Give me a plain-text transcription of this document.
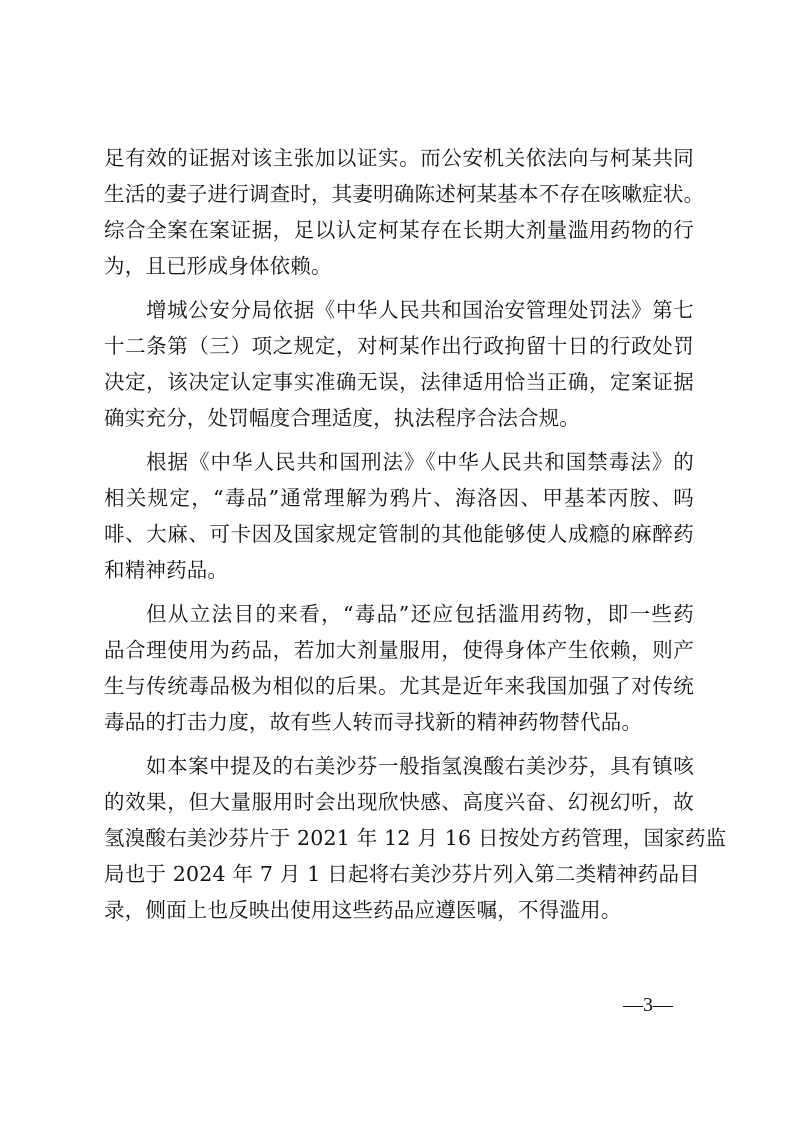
足有效的证据对该主张加以证实。而公安机关依法向与柯某共同
生活的妻子进行调查时，其妻明确陈述柯某基本不存在咳嗽症状。
综合全案在案证据，足以认定柯某存在长期大剂量滥用药物的行
为，且已形成身体依赖。
增城公安分局依据《中华人民共和国治安管理处罚法》第七
十二条第（三）项之规定，对柯某作出行政拘留十日的行政处罚
决定，该决定认定事实准确无误，法律适用恰当正确，定案证据
确实充分，处罚幅度合理适度，执法程序合法合规。
根据《中华人民共和国刑法》《中华人民共和国禁毒法》的
相关规定，“毒品”通常理解为鸦片、海洛因、甲基苯丙胺、吗
啡、大麻、可卡因及国家规定管制的其他能够使人成瘾的麻醉药
和精神药品。
但从立法目的来看，“毒品”还应包括滥用药物，即一些药
品合理使用为药品，若加大剂量服用，使得身体产生依赖，则产
生与传统毒品极为相似的后果。尤其是近年来我国加强了对传统
毒品的打击力度，故有些人转而寻找新的精神药物替代品。
如本案中提及的右美沙芬一般指氢溴酸右美沙芬，具有镇咳
的效果，但大量服用时会出现欣快感、高度兴奋、幻视幻听，故
氢溴酸右美沙芬片于 2021 年 12 月 16 日按处方药管理，国家药监
局也于 2024 年 7 月 1 日起将右美沙芬片列入第二类精神药品目
录，侧面上也反映出使用这些药品应遵医嘱，不得滥用。
—3—
